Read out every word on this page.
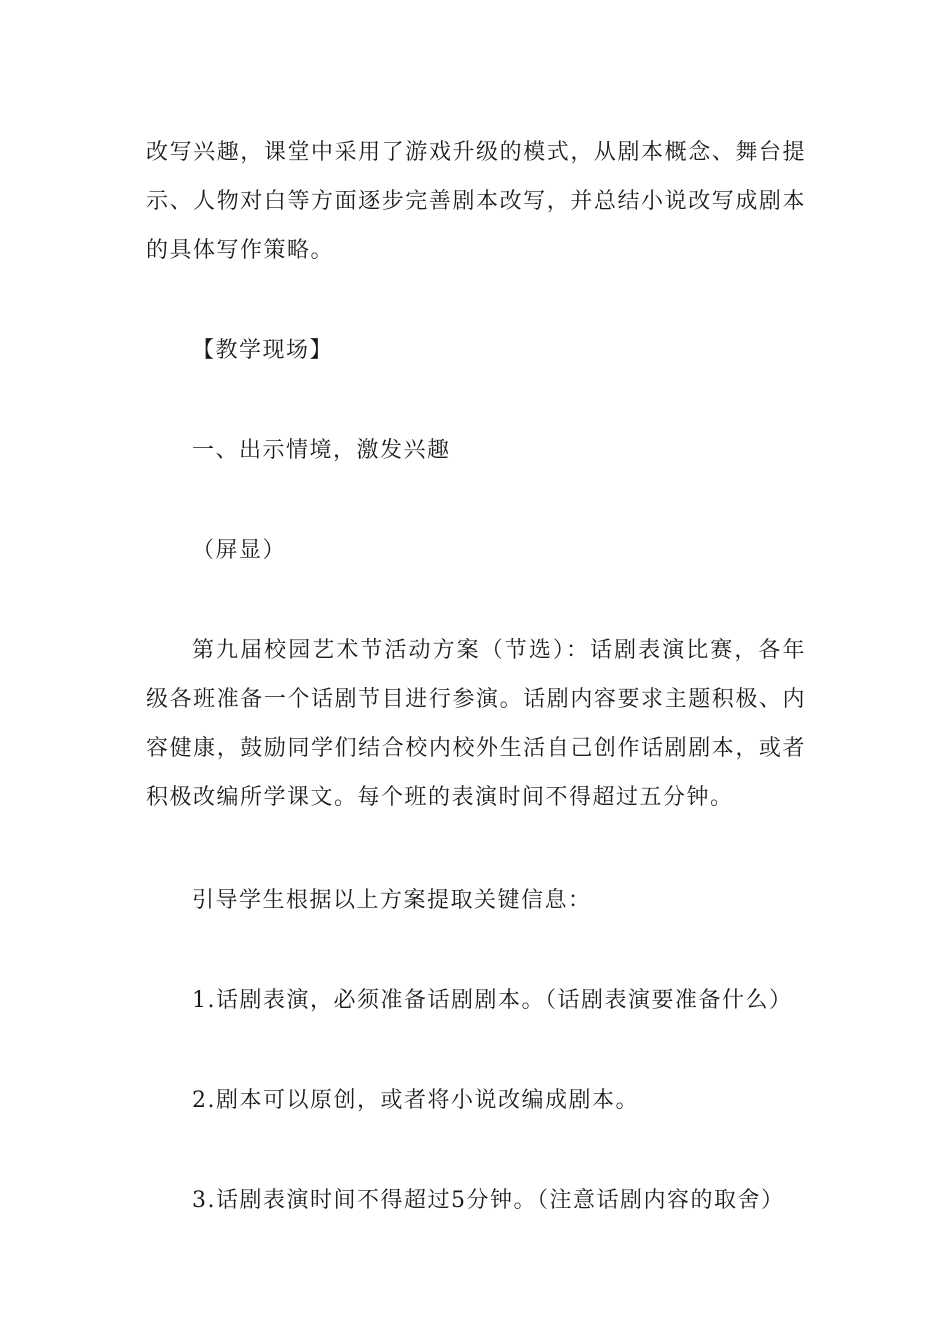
改写兴趣，课堂中采用了游戏升级的模式，从剧本概念、舞台提示、人物对白等方面逐步完善剧本改写，并总结小说改写成剧本的具体写作策略。

【教学现场】

一、出示情境，激发兴趣

（屏显）

第九届校园艺术节活动方案（节选）：话剧表演比赛，各年级各班准备一个话剧节目进行参演。话剧内容要求主题积极、内容健康，鼓励同学们结合校内校外生活自己创作话剧剧本，或者积极改编所学课文。每个班的表演时间不得超过五分钟。

引导学生根据以上方案提取关键信息：

1.话剧表演，必须准备话剧剧本。（话剧表演要准备什么）

2.剧本可以原创，或者将小说改编成剧本。

3.话剧表演时间不得超过5分钟。（注意话剧内容的取舍）
